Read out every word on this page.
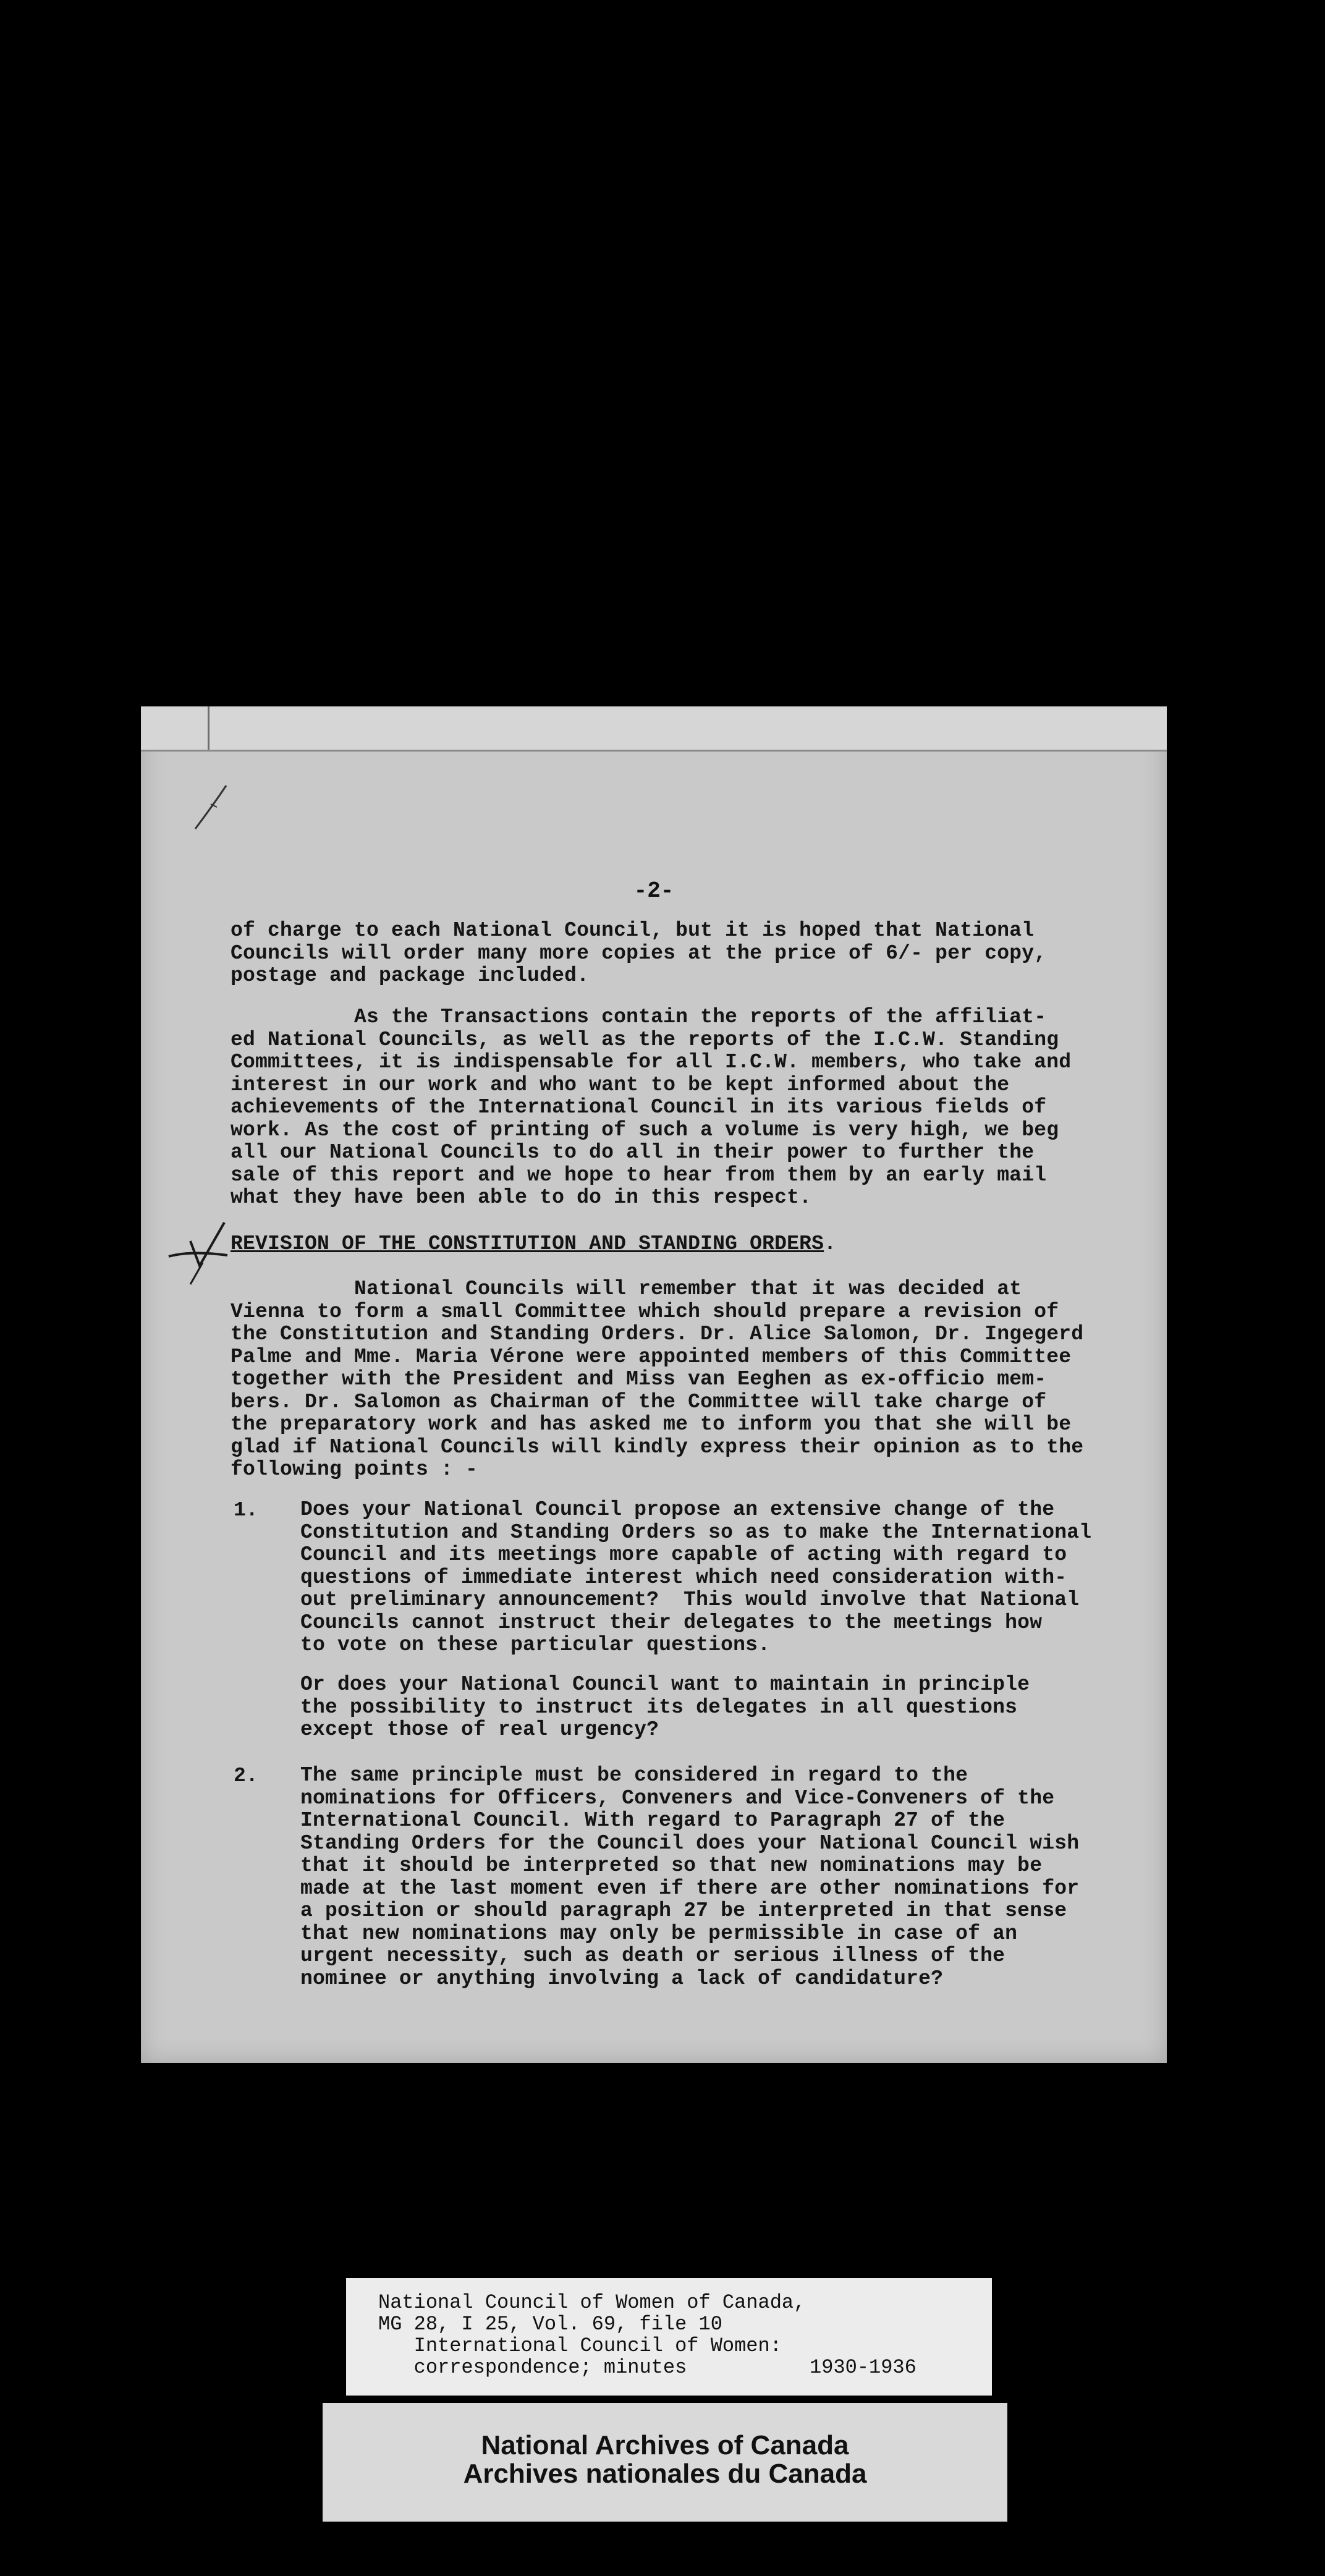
-2-

of charge to each National Council, but it is hoped that National

Councils will order many more copies at the price of 6/- per copy,

postage and package included.

As the Transactions contain the reports of the affiliat-

ed National Councils, as well as the reports of the I.C.W. Standing

Committees, it is indispensable for all I.C.W. members, who take and

interest in our work and who want to be kept informed about the

achievements of the International Council in its various fields of

work. As the cost of printing of such a volume is very high, we beg

all our National Councils to do all in their power to further the

sale of this report and we hope to hear from them by an early mail

what they have been able to do in this respect.

REVISION OF THE CONSTITUTION AND STANDING ORDERS.

National Councils will remember that it was decided at

Vienna to form a small Committee which should prepare a revision of

the Constitution and Standing Orders. Dr. Alice Salomon, Dr. Ingegerd

Palme and Mme. Maria Vérone were appointed members of this Committee

together with the President and Miss van Eeghen as ex-officio mem-

bers. Dr. Salomon as Chairman of the Committee will take charge of

the preparatory work and has asked me to inform you that she will be

glad if National Councils will kindly express their opinion as to the

following points : -

1. Does your National Council propose an extensive change of the

Constitution and Standing Orders so as to make the International

Council and its meetings more capable of acting with regard to

questions of immediate interest which need consideration with-

out preliminary announcement?  This would involve that National

Councils cannot instruct their delegates to the meetings how

to vote on these particular questions.

Or does your National Council want to maintain in principle

the possibility to instruct its delegates in all questions

except those of real urgency?

2. The same principle must be considered in regard to the

nominations for Officers, Conveners and Vice-Conveners of the

International Council. With regard to Paragraph 27 of the

Standing Orders for the Council does your National Council wish

that it should be interpreted so that new nominations may be

made at the last moment even if there are other nominations for

a position or should paragraph 27 be interpreted in that sense

that new nominations may only be permissible in case of an

urgent necessity, such as death or serious illness of the

nominee or anything involving a lack of candidature?

National Council of Women of Canada,

MG 28, I 25, Vol. 69, file 10

International Council of Women:

correspondence; minutes	1930-1936

National Archives of Canada

Archives nationales du Canada
